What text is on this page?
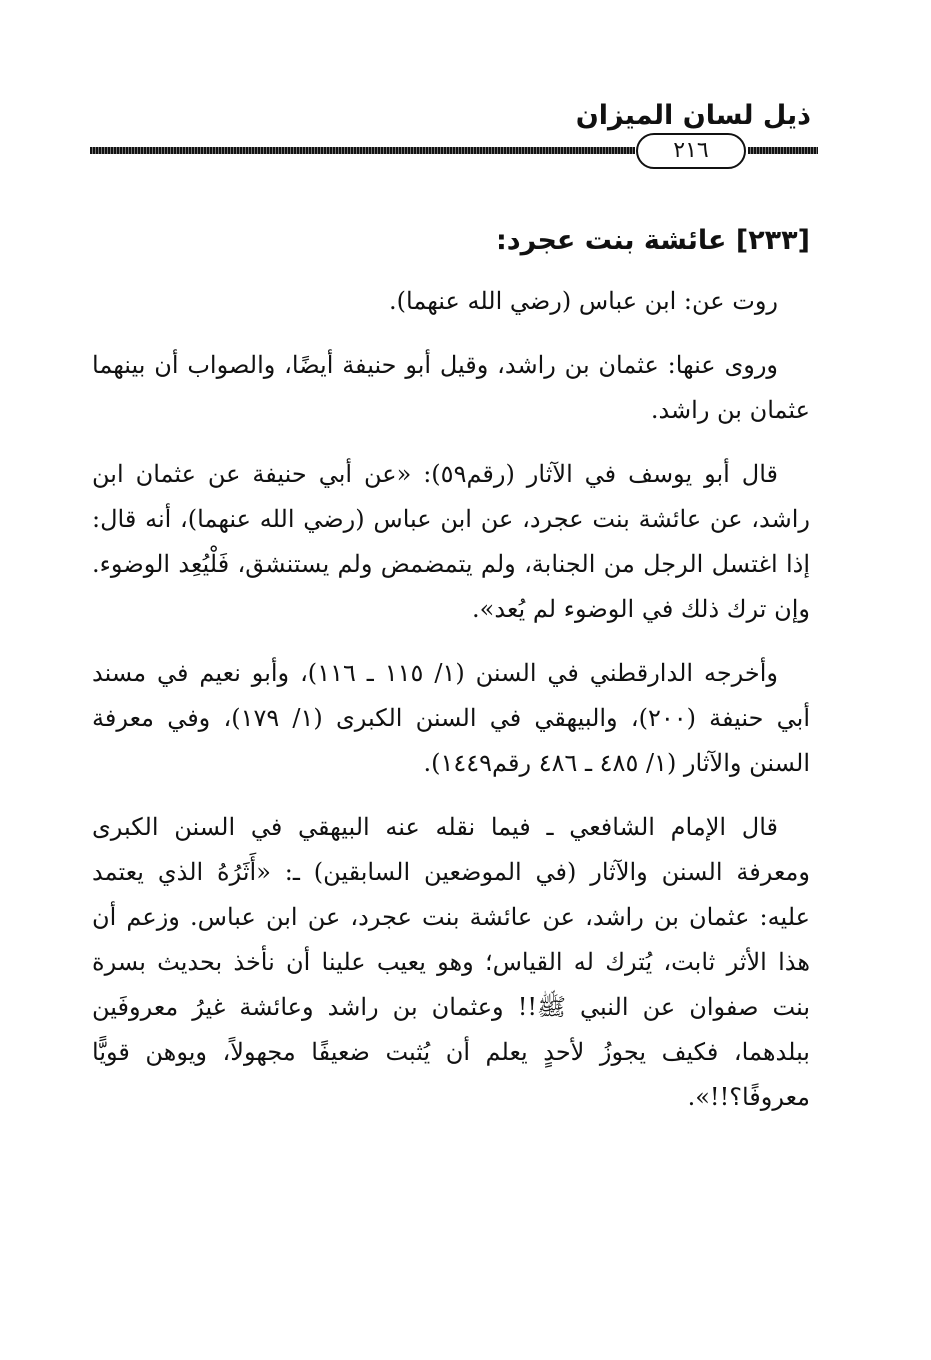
ذيل لسان الميزان
٢١٦
[٢٣٣] عائشة بنت عجرد:

روت عن: ابن عباس (رضي الله عنهما).

وروى عنها: عثمان بن راشد، وقيل أبو حنيفة أيضًا، والصواب أن بينهما عثمان بن راشد.

قال أبو يوسف في الآثار (رقم٥٩): «عن أبي حنيفة عن عثمان ابن راشد، عن عائشة بنت عجرد، عن ابن عباس (رضي الله عنهما)، أنه قال: إذا اغتسل الرجل من الجنابة، ولم يتمضمض ولم يستنشق، فَلْيُعِد الوضوء. وإن ترك ذلك في الوضوء لم يُعد».

وأخرجه الدارقطني في السنن (١/ ١١٥ ـ ١١٦)، وأبو نعيم في مسند أبي حنيفة (٢٠٠)، والبيهقي في السنن الكبرى (١/ ١٧٩)، وفي معرفة السنن والآثار (١/ ٤٨٥ ـ ٤٨٦ رقم١٤٤٩).

قال الإمام الشافعي ـ فيما نقله عنه البيهقي في السنن الكبرى ومعرفة السنن والآثار (في الموضعين السابقين) ـ: «أَثَرُهُ الذي يعتمد عليه: عثمان بن راشد، عن عائشة بنت عجرد، عن ابن عباس. وزعم أن هذا الأثر ثابت، يُترك له القياس؛ وهو يعيب علينا أن نأخذ بحديث بسرة بنت صفوان عن النبي ﷺ!! وعثمان بن راشد وعائشة غيرُ معروفَين ببلدهما، فكيف يجوزُ لأحدٍ يعلم أن يُثبت ضعيفًا مجهولاً، ويوهن قويًّا معروفًا؟!!».
